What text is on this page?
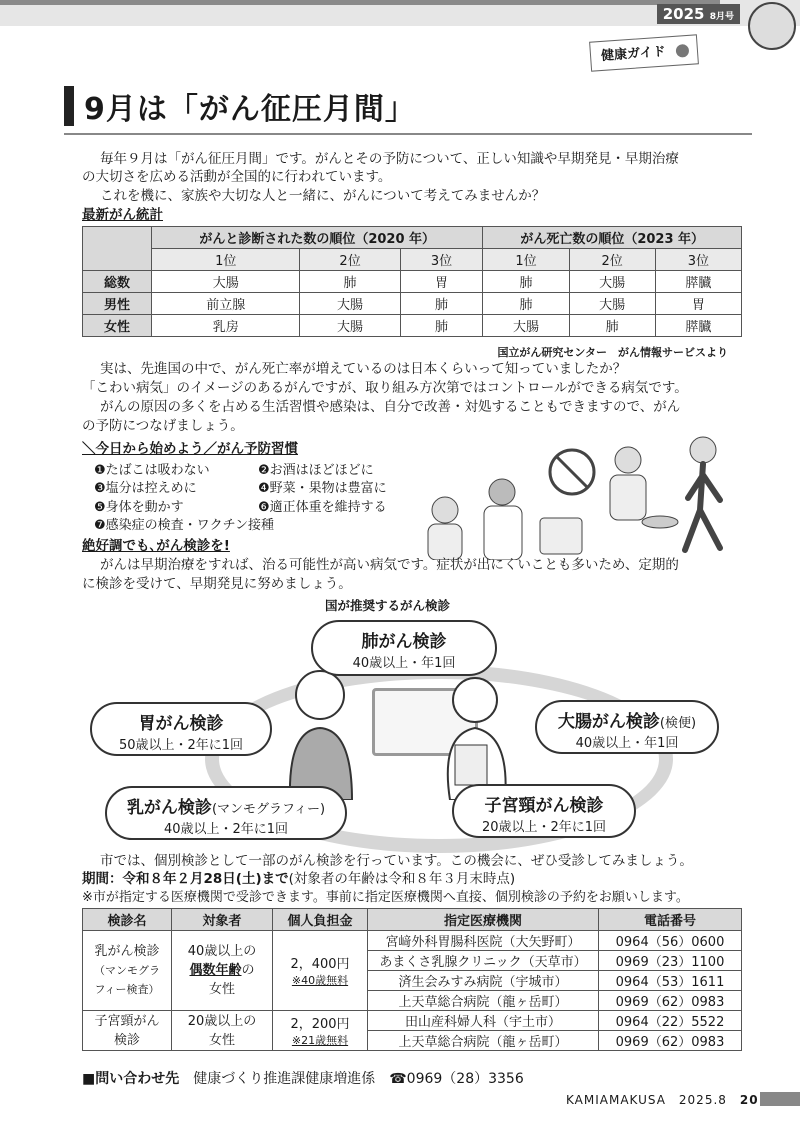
2025 8月号
健康ガイド
9月は「がん征圧月間」

毎年９月は「がん征圧月間」です。がんとその予防について、正しい知識や早期発見・早期治療

の大切さを広める活動が全国的に行われています。

これを機に、家族や大切な人と一緒に、がんについて考えてみませんか？

最新がん統計

	がんと診断された数の順位（2020 年）			がん死亡数の順位（2023 年）		
	1位	2位	3位	1位	2位	3位
総数	大腸	肺	胃	肺	大腸	膵臓
男性	前立腺	大腸	肺	肺	大腸	胃
女性	乳房	大腸	肺	大腸	肺	膵臓
国立がん研究センター　がん情報サービスより

実は、先進国の中で、がん死亡率が増えているのは日本くらいって知っていましたか？

「こわい病気」のイメージのあるがんですが、取り組み方次第ではコントロールができる病気です。

がんの原因の多くを占める生活習慣や感染は、自分で改善・対処することもできますので、がん

の予防につなげましょう。

＼今日から始めよう／がん予防習慣

❶たばこは吸わない	❷お酒はほどほどに
❸塩分は控えめに	❹野菜・果物は豊富に
❺身体を動かす	❻適正体重を維持する
❼感染症の検査・ワクチン接種

絶好調でも､がん検診を!

がんは早期治療をすれば、治る可能性が高い病気です。症状が出にくいことも多いため、定期的

に検診を受けて、早期発見に努めましょう。

国が推奨するがん検診
肺がん検診
40歳以上・年1回
胃がん検診
50歳以上・2年に1回
大腸がん検診(検便)
40歳以上・年1回
乳がん検診(マンモグラフィー)
40歳以上・2年に1回
子宮頸がん検診
20歳以上・2年に1回

市では、個別検診として一部のがん検診を行っています。この機会に、ぜひ受診してみましょう。

期間：令和８年２月28日(土)まで(対象者の年齢は令和８年３月末時点)

※市が指定する医療機関で受診できます。事前に指定医療機関へ直接、個別検診の予約をお願いします。

検診名	対象者	個人負担金	指定医療機関	電話番号
乳がん検診
（マンモグラ
フィー検査）	40歳以上の
偶数年齢の
女性	2，400円
※40歳無料	宮﨑外科胃腸科医院（大矢野町）	0964（56）0600
			あまくさ乳腺クリニック（天草市）	0969（23）1100
			済生会みすみ病院（宇城市）	0964（53）1611
			上天草総合病院（龍ヶ岳町）	0969（62）0983
子宮頸がん
検診	20歳以上の
女性	2，200円
※21歳無料	田山産科婦人科（宇土市）	0964（22）5522
			上天草総合病院（龍ヶ岳町）	0969（62）0983
■問い合わせ先　 健康づくり推進課健康増進係　 ☎0969（28）3356
KAMIAMAKUSA　2025.8　 20
